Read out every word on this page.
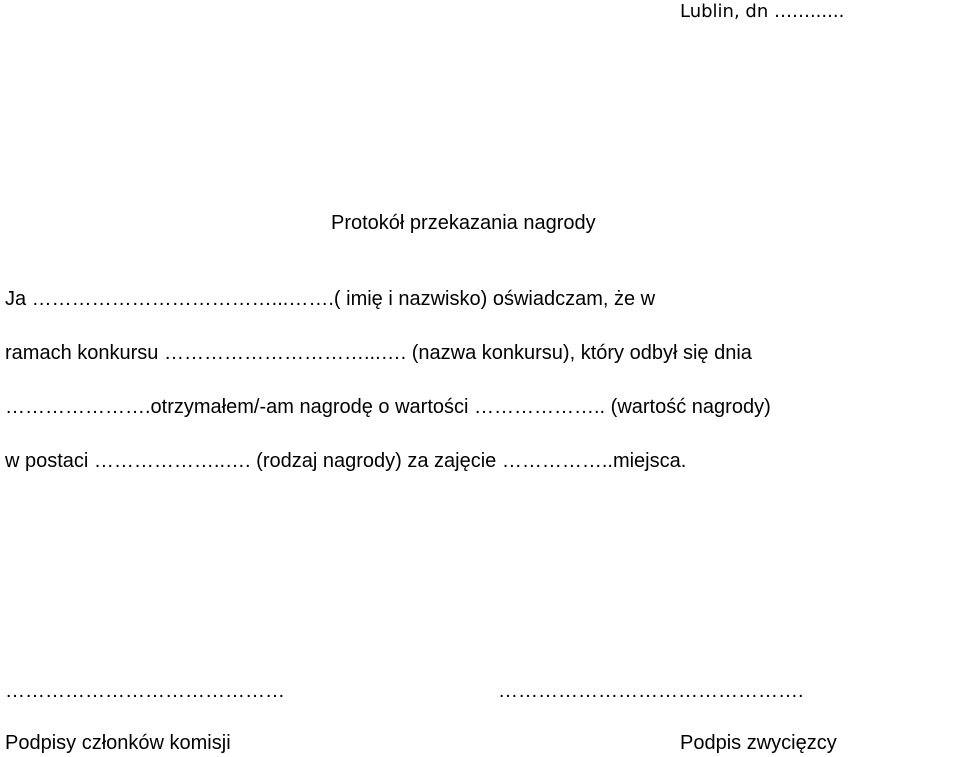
Lublin, dn ……......
Protokół przekazania nagrody
Ja ………………………………...…….( imię i nazwisko) oświadczam, że w
ramach konkursu …………………………...…. (nazwa konkursu), który odbył się dnia
………………….otrzymałem/-am nagrodę o wartości ……………….. (wartość nagrody)
w postaci ………………..…. (rodzaj nagrody) za zajęcie ……………..miejsca.
……………………………………	……………………………………….
Podpisy członków komisji	Podpis zwycięzcy
